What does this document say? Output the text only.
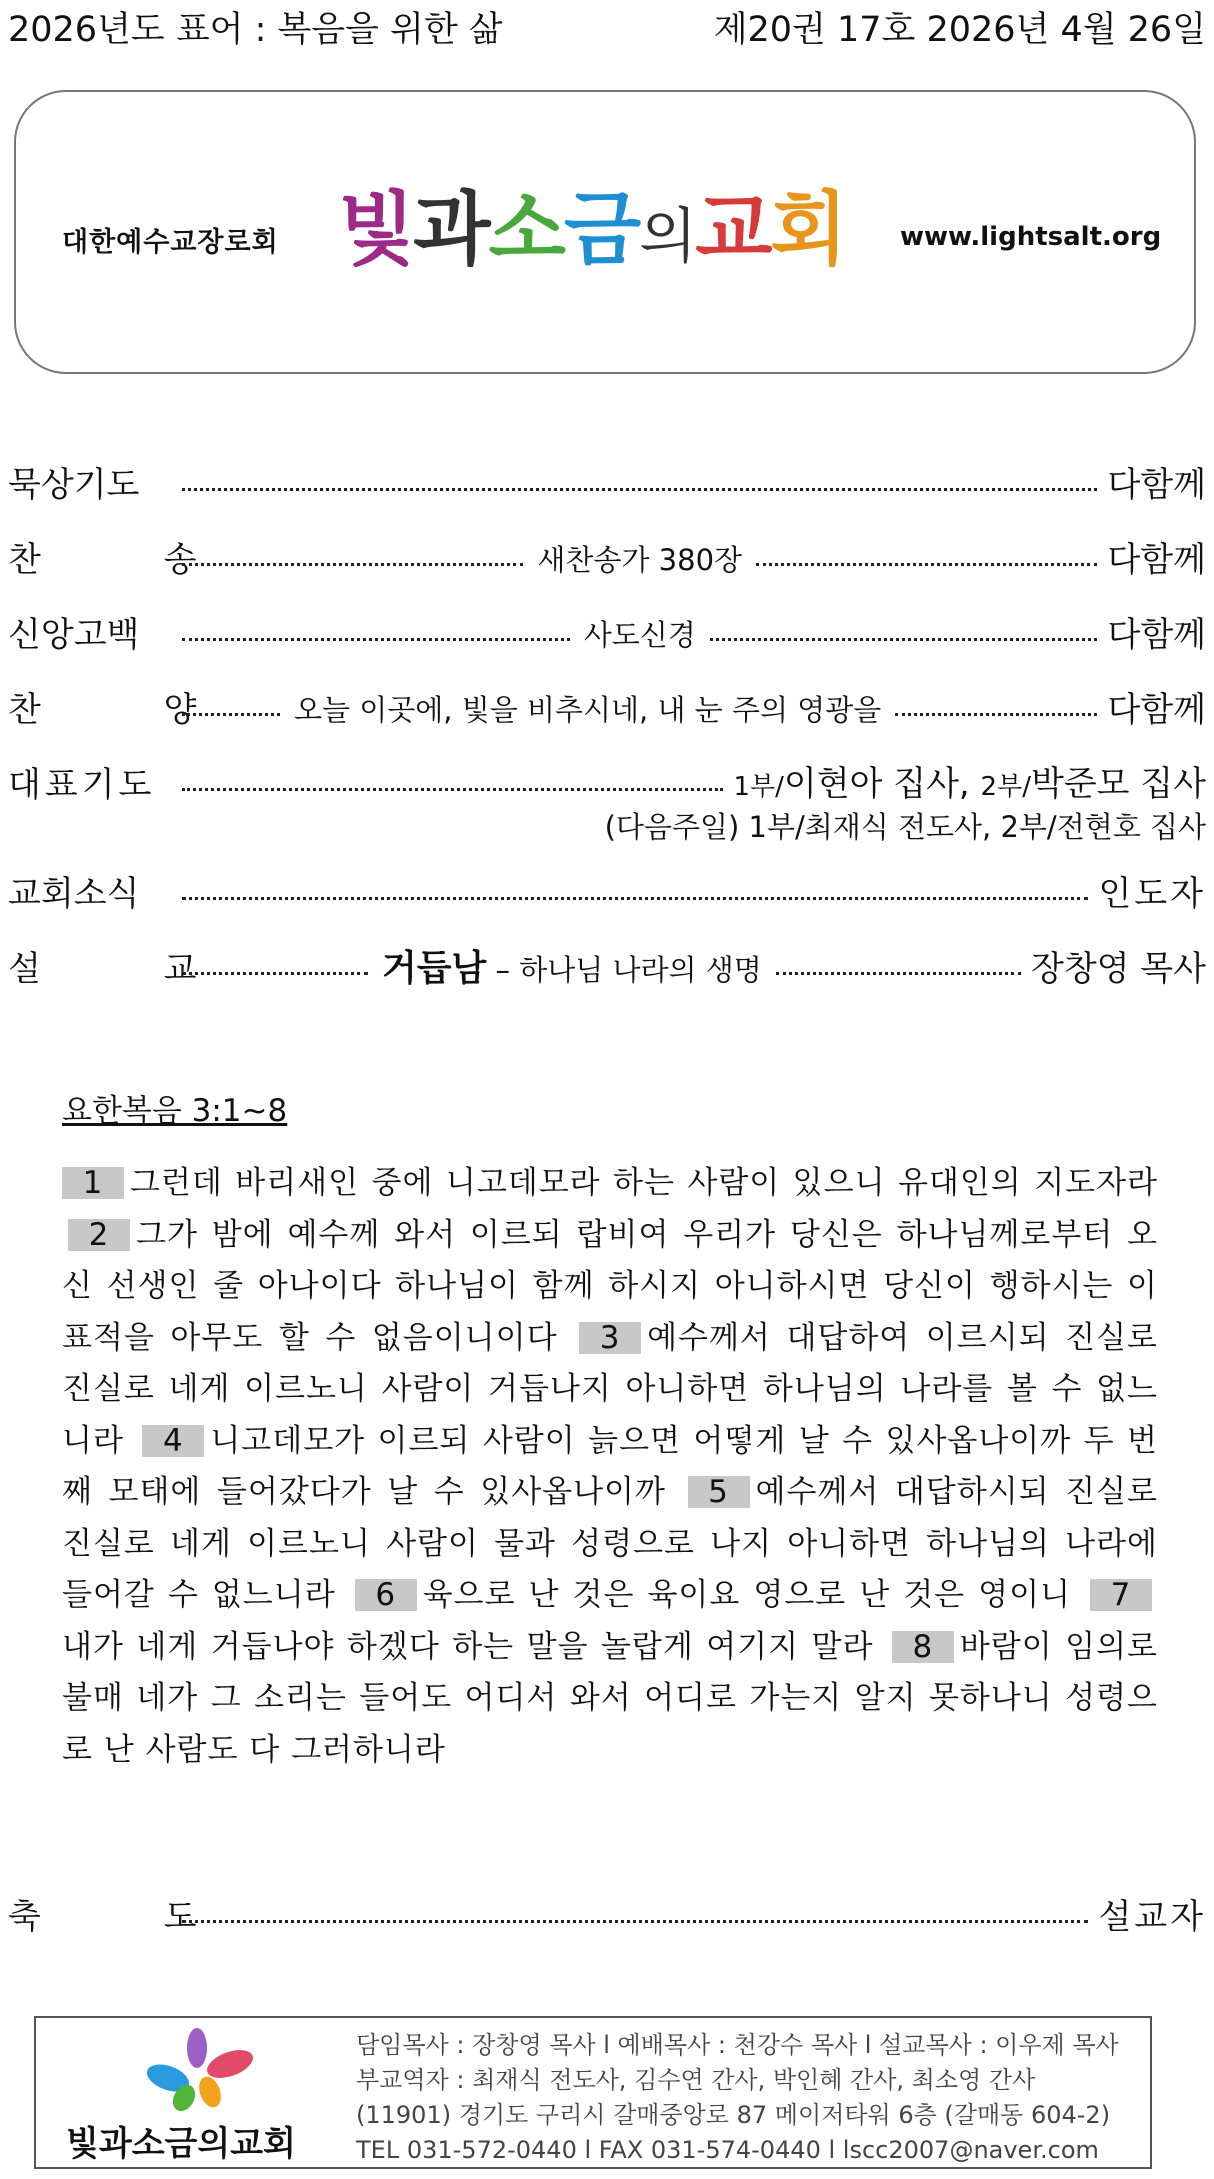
2026년도 표어 : 복음을 위한 삶	제20권 17호 2026년 4월 26일
대한예수교장로회 빛과소금의교회 www.lightsalt.org
묵상기도	다함께
찬 송	새찬송가 380장	다함께
신앙고백	사도신경	다함께
찬 양 오늘 이곳에, 빛을 비추시네, 내 눈 주의 영광을	다함께
대표기도	1부/이현아 집사, 2부/박준모 집사
(다음주일) 1부/최재식 전도사, 2부/전현호 집사
교회소식	인도자
설 교	거듭남 – 하나님 나라의 생명	장창영 목사
요한복음 3:1~8
1 그런데 바리새인 중에 니고데모라 하는 사람이 있으니 유대인의 지도자라 2 그가 밤에 예수께 와서 이르되 랍비여 우리가 당신은 하나님께로부터 오신 선생인 줄 아나이다 하나님이 함께 하시지 아니하시면 당신이 행하시는 이 표적을 아무도 할 수 없음이니이다 3 예수께서 대답하여 이르시되 진실로 진실로 네게 이르노니 사람이 거듭나지 아니하면 하나님의 나라를 볼 수 없느니라 4 니고데모가 이르되 사람이 늙으면 어떻게 날 수 있사옵나이까 두 번째 모태에 들어갔다가 날 수 있사옵나이까 5 예수께서 대답하시되 진실로 진실로 네게 이르노니 사람이 물과 성령으로 나지 아니하면 하나님의 나라에 들어갈 수 없느니라 6 육으로 난 것은 육이요 영으로 난 것은 영이니 7내가 네게 거듭나야 하겠다 하는 말을 놀랍게 여기지 말라 8 바람이 임의로 불매 네가 그 소리는 들어도 어디서 와서 어디로 가는지 알지 못하나니 성령으로 난 사람도 다 그러하니라
축 도	설교자
빛과소금의교회
담임목사 : 장창영 목사 l 예배목사 : 천강수 목사 l 설교목사 : 이우제 목사
부교역자 : 최재식 전도사, 김수연 간사, 박인혜 간사, 최소영 간사
(11901) 경기도 구리시 갈매중앙로 87 메이저타워 6층 (갈매동 604-2)
TEL 031-572-0440 l FAX 031-574-0440 l lscc2007@naver.com
